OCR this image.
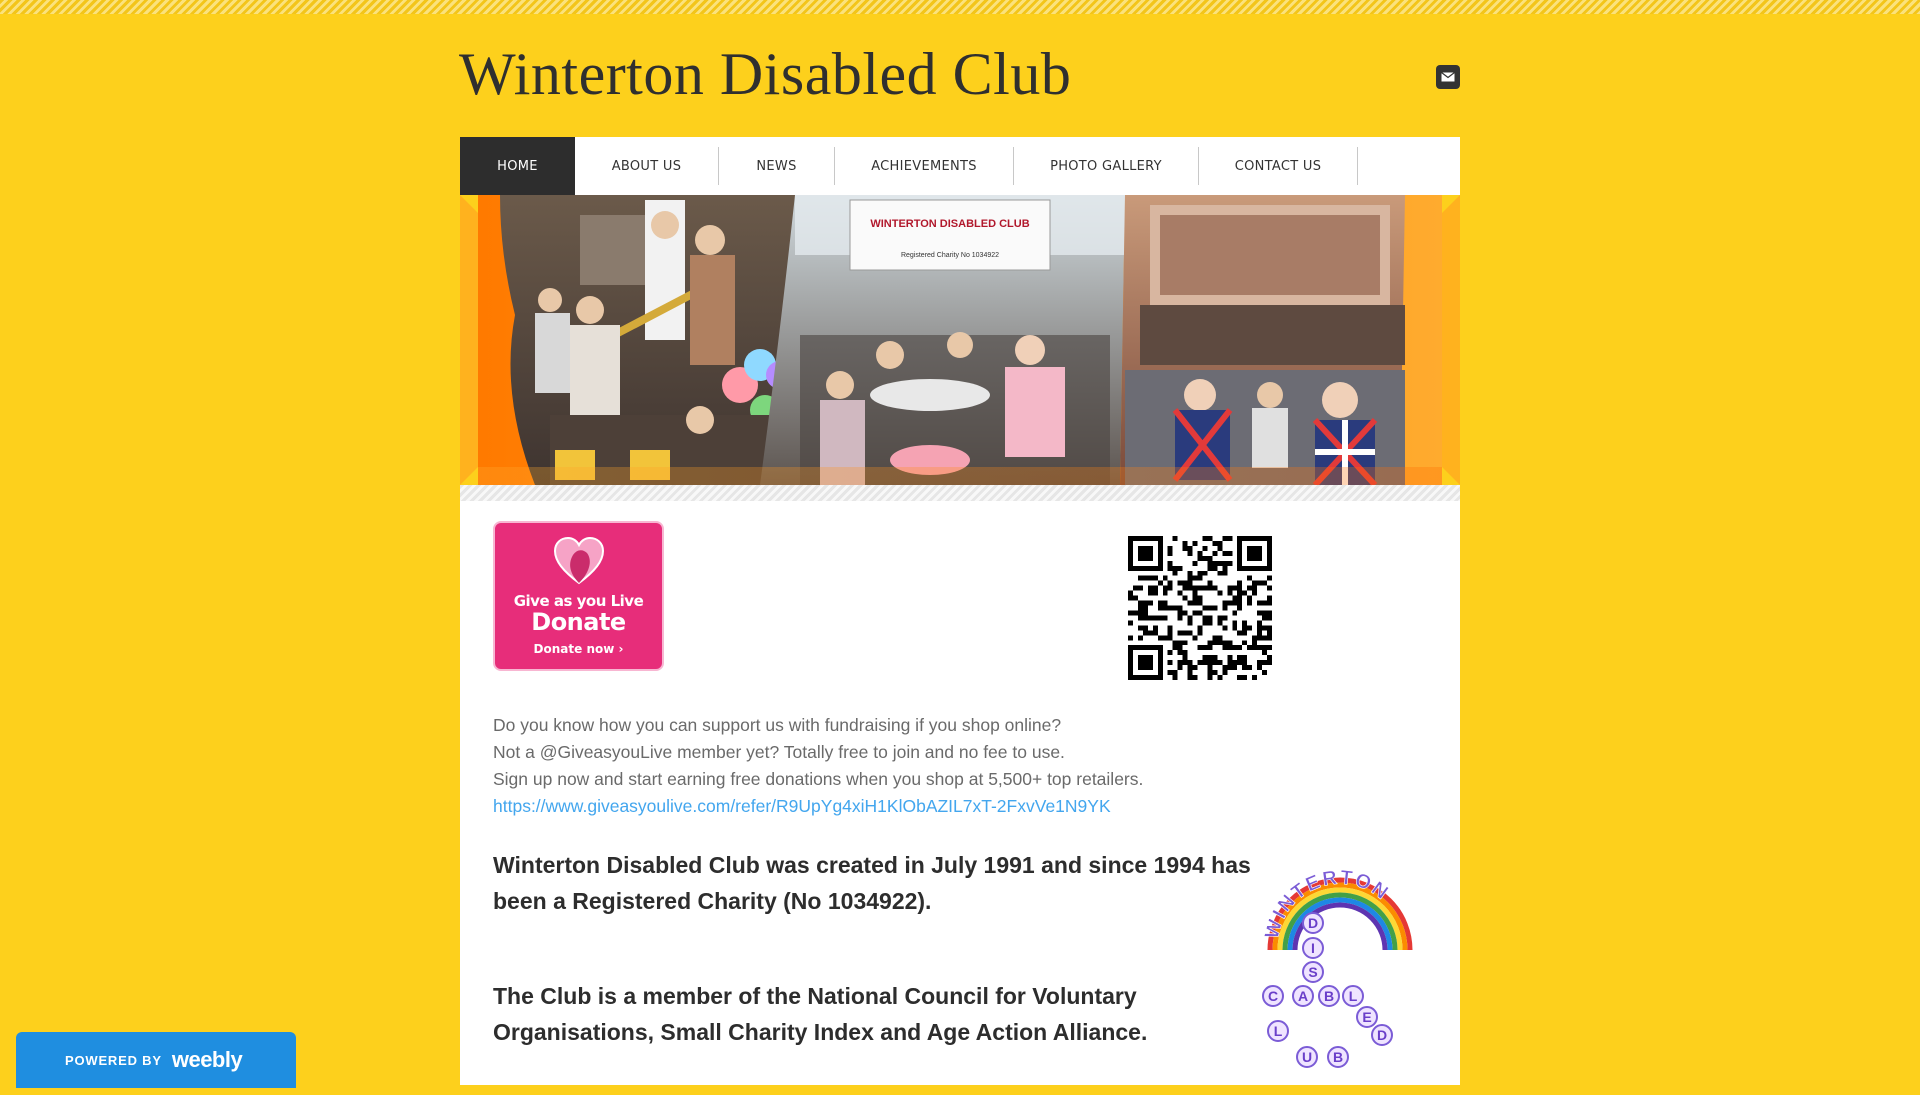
Winterton Disabled Club
HOME	ABOUT US	NEWS	ACHIEVEMENTS	PHOTO GALLERY	CONTACT US
WINTERTON DISABLED CLUB
Registered Charity No 1034922
Give as you Live
Donate
Donate now ›
Do you know how you can support us with fundraising if you shop online?
Not a @GiveasyouLive member yet? Totally free to join and no fee to use.
Sign up now and start earning free donations when you shop at 5,500+ top retailers.
https://www.giveasyoulive.com/refer/R9UpYg4xiH1KlObAZIL7xT-2FxvVe1N9YK

Winterton Disabled Club was created in July 1991 and since 1994 has been a Registered Charity (No 1034922).

The Club is a member of the National Council for Voluntary Organisations, Small Charity Index and Age Action Alliance.

WINTERTON
D
I
S
C A B L
E
D
L
U B
POWERED BY weebly
